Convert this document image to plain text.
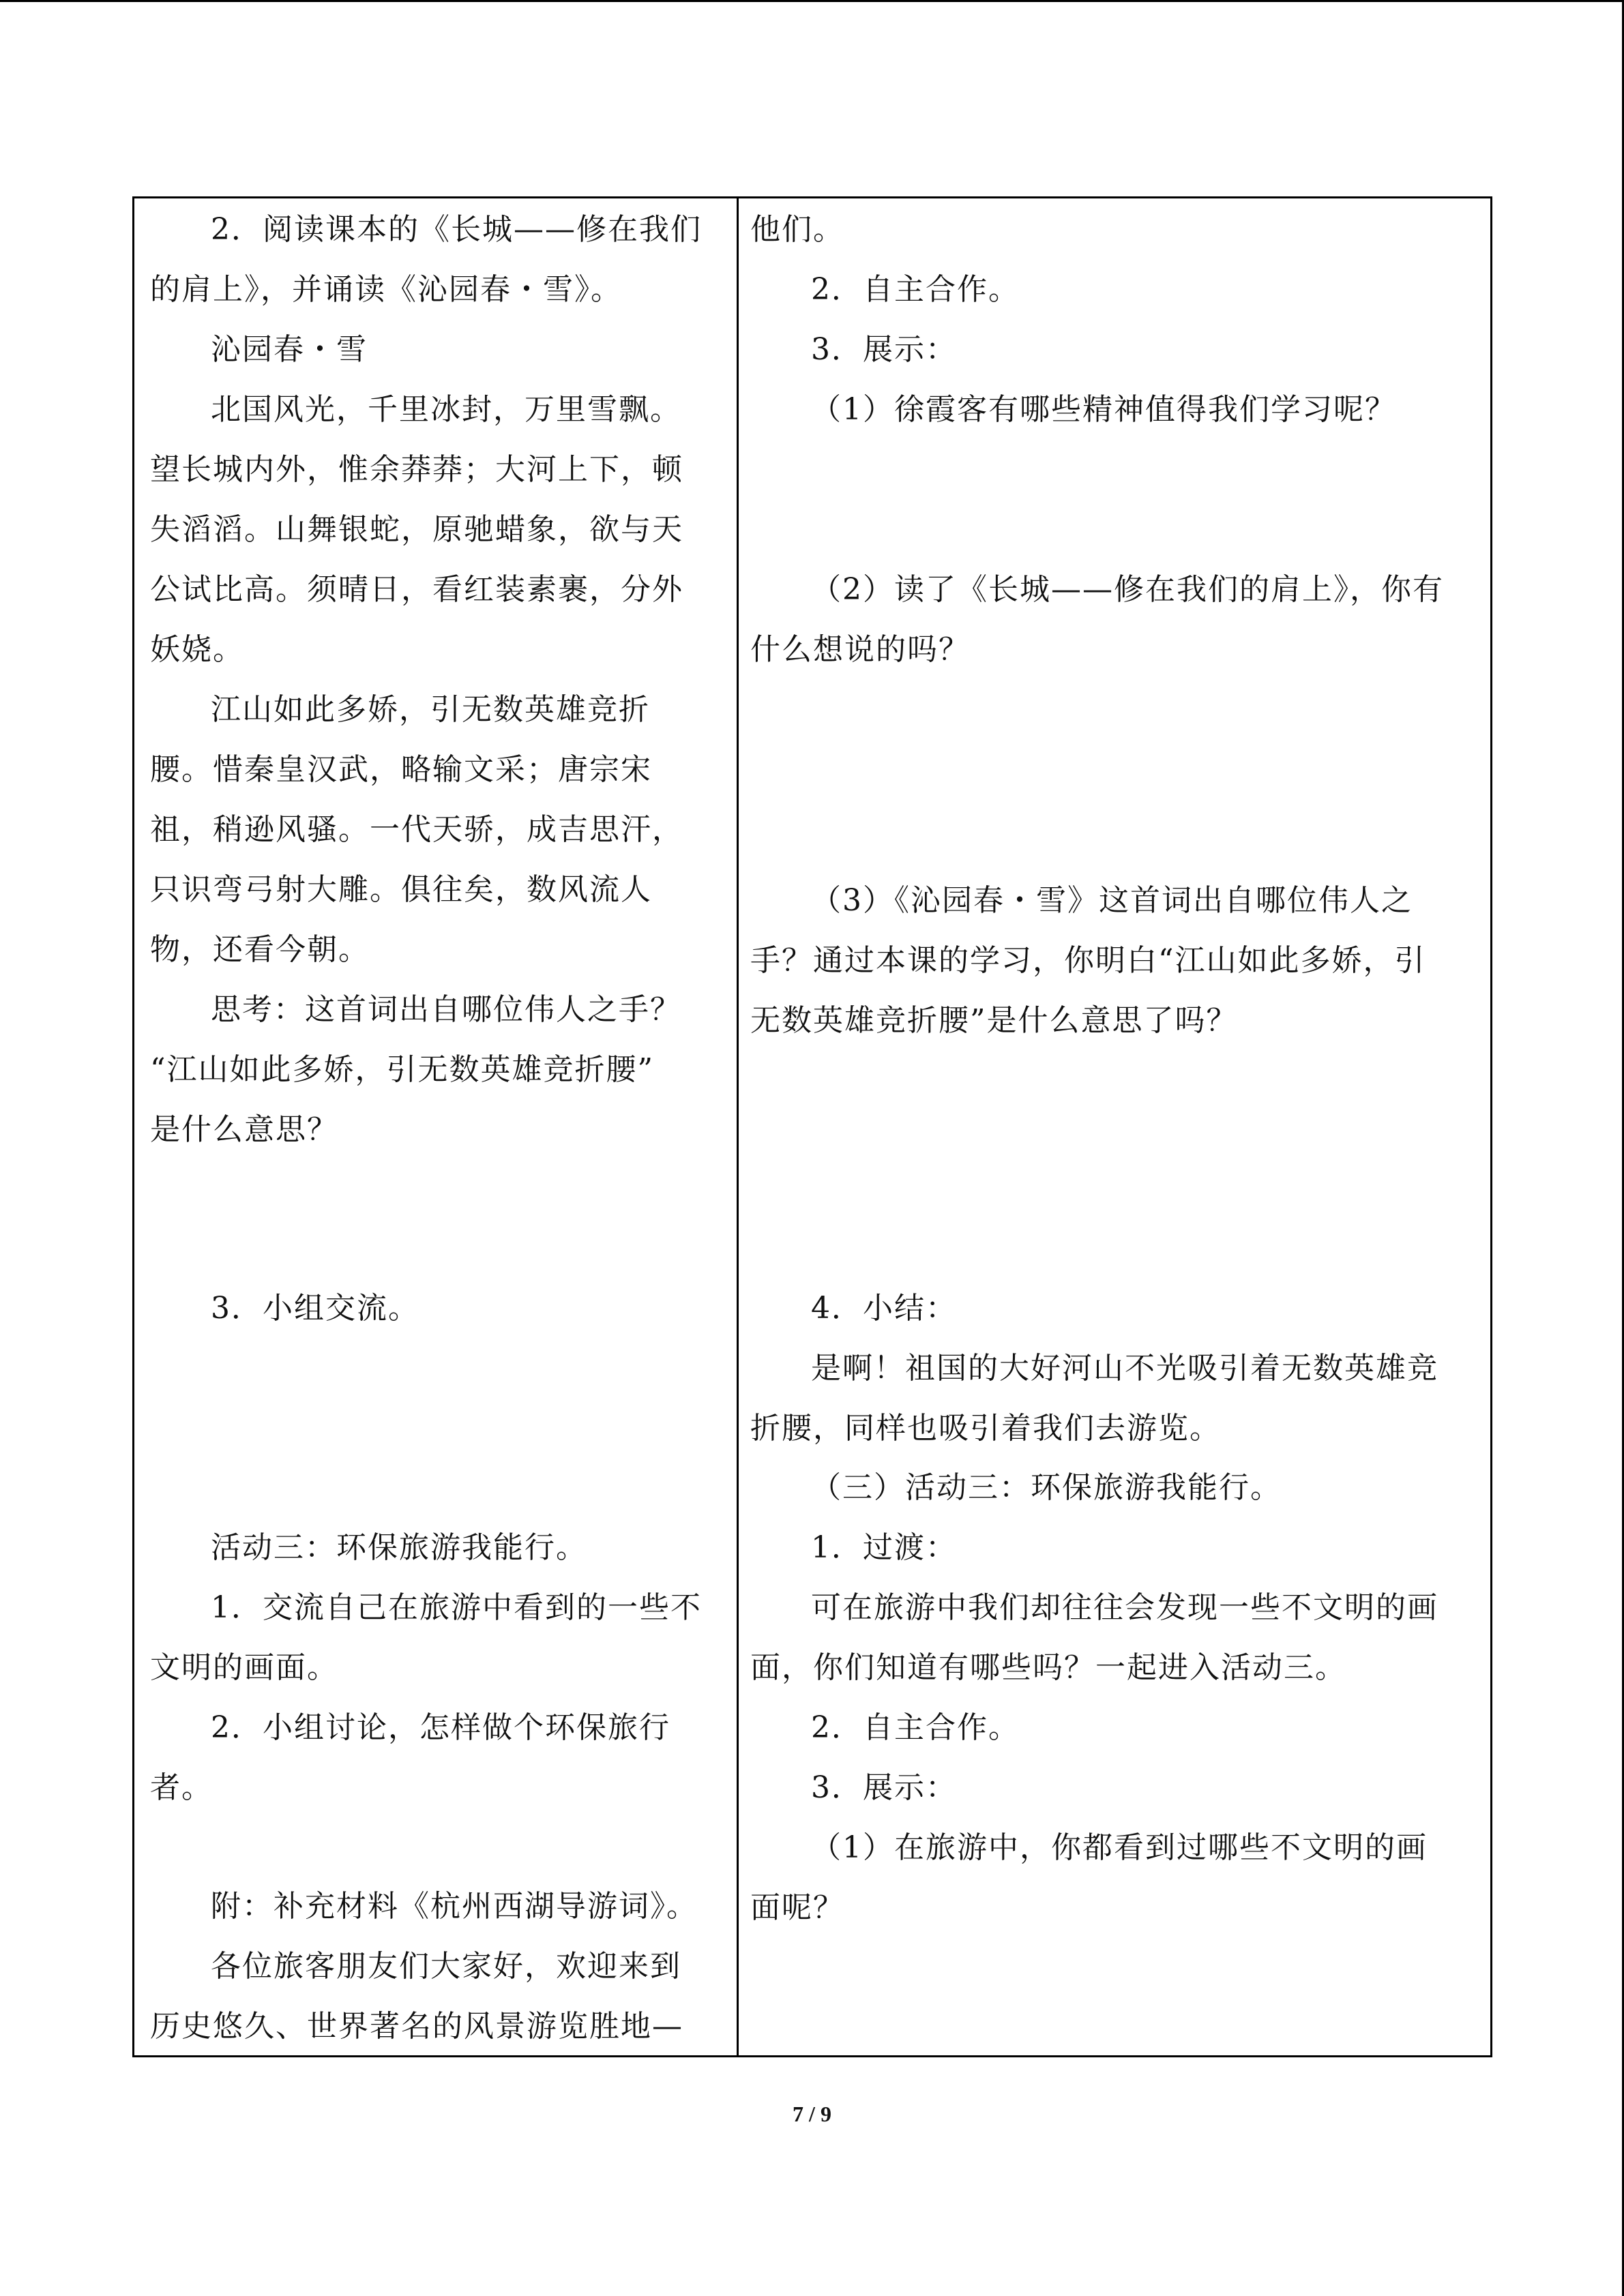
2．阅读课本的《长城——修在我们
的肩上》，并诵读《沁园春・雪》。
沁园春・雪
北国风光，千里冰封，万里雪飘。
望长城内外，惟余莽莽；大河上下，顿
失滔滔。山舞银蛇，原驰蜡象，欲与天
公试比高。须晴日，看红装素裹，分外
妖娆。
江山如此多娇，引无数英雄竞折
腰。惜秦皇汉武，略输文采；唐宗宋
祖，稍逊风骚。一代天骄，成吉思汗，
只识弯弓射大雕。俱往矣，数风流人
物，还看今朝。
思考：这首词出自哪位伟人之手？
“江山如此多娇，引无数英雄竞折腰”
是什么意思？
3．小组交流。
活动三：环保旅游我能行。
1．交流自己在旅游中看到的一些不
文明的画面。
2．小组讨论，怎样做个环保旅行
者。
附：补充材料《杭州西湖导游词》。
各位旅客朋友们大家好，欢迎来到
历史悠久、世界著名的风景游览胜地—
他们。
2．自主合作。
3．展示：
（1）徐霞客有哪些精神值得我们学习呢？
（2）读了《长城——修在我们的肩上》，你有
什么想说的吗？
（3）《沁园春・雪》这首词出自哪位伟人之
手？通过本课的学习，你明白“江山如此多娇，引
无数英雄竞折腰”是什么意思了吗？
4．小结：
是啊！祖国的大好河山不光吸引着无数英雄竞
折腰，同样也吸引着我们去游览。
（三）活动三：环保旅游我能行。
1．过渡：
可在旅游中我们却往往会发现一些不文明的画
面，你们知道有哪些吗？一起进入活动三。
2．自主合作。
3．展示：
（1）在旅游中，你都看到过哪些不文明的画
面呢？
7 / 9
